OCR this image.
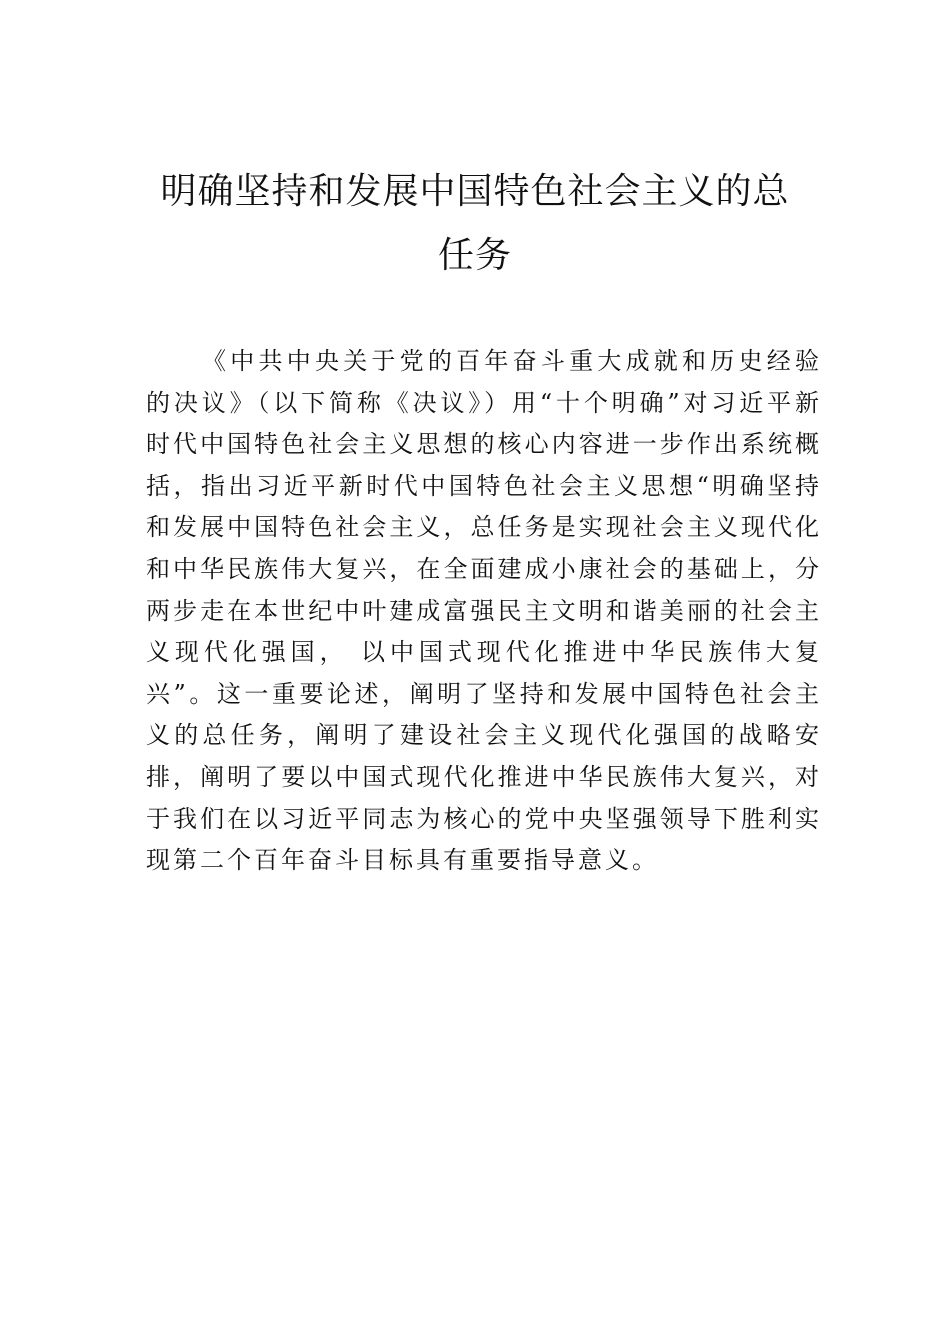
明确坚持和发展中国特色社会主义的总任务

《中共中央关于党的百年奋斗重大成就和历史经验的决议》（以下简称《决议》）用“十个明确”对习近平新时代中国特色社会主义思想的核心内容进一步作出系统概括，指出习近平新时代中国特色社会主义思想“明确坚持和发展中国特色社会主义，总任务是实现社会主义现代化和中华民族伟大复兴，在全面建成小康社会的基础上，分两步走在本世纪中叶建成富强民主文明和谐美丽的社会主义现代化强国， 以中国式现代化推进中华民族伟大复兴”。这一重要论述，阐明了坚持和发展中国特色社会主义的总任务，阐明了建设社会主义现代化强国的战略安排，阐明了要以中国式现代化推进中华民族伟大复兴，对于我们在以习近平同志为核心的党中央坚强领导下胜利实现第二个百年奋斗目标具有重要指导意义。
